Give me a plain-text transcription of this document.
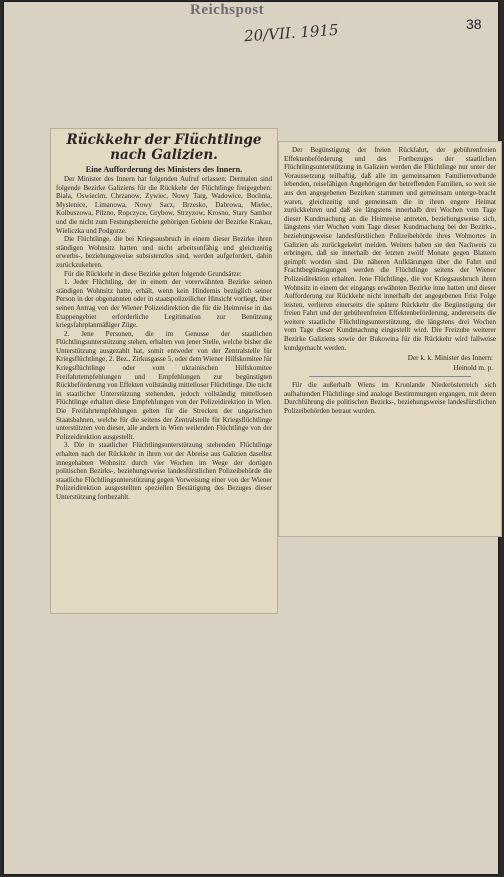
Reichspost
20/VII. 1915	38
Rückkehr der Flüchtlinge nach Galizien.
Eine Aufforderung des Ministers des Innern.

Der Minister des Innern hat folgenden Aufruf erlassen: Dermalen sind folgende Bezirke Galiziens für die Rückkehr der Flüchtlinge freigegeben: Biala, Oswiecim, Chrzanow, Zywiec, Nowy Targ, Wadowice, Bochnia, Myslenice, Limanowa, Nowy Sacz, Brzesko, Dabrowa, Mielec, Kolbuszowa, Pilzno, Ropczyce, Grybow, Strzyzow, Krosno, Stary Sambor und die nicht zum Festungsbereiche gehörigen Gebiete der Bezirke Krakau, Wieliczka und Podgorze.

Die Flüchtlinge, die bei Kriegsausbruch in einem dieser Bezirke ihren ständigen Wohnsitz hatten und nicht arbeitsunfähig und gleichzeitig erwerbs-, beziehungsweise subsistenzlos sind, werden aufgefordert, dahin zurückzukehren.

Für die Rückkehr in diese Bezirke gelten folgende Grundsätze:

1. Jeder Flüchtling, der in einem der vorerwähnten Bezirke seinen ständigen Wohnsitz hatte, erhält, wenn kein Hindernis bezüglich seiner Person in der obgenannten oder in staatspolizeilicher Hinsicht vorliegt, über seinen Antrag von der Wiener Polizeidirektion die für die Heimreise in das Etappengebiet erforderliche Legitimation zur Benützung kriegsfahrplanmäßiger Züge.

2. Jene Personen, die im Genusse der staatlichen Flüchtlingsunterstützung stehen, erhalten von jener Stelle, welche bisher die Unterstützung ausgezahlt hat, somit entweder von der Zentralstelle für Kriegsflüchtlinge, 2. Bez., Zirkusgasse 5, oder dem Wiener Hilfskomitee für Kriegsflüchtlinge oder vom ukrainischen Hilfskomitee Freifahrtempfehlungen und Empfehlungen zur begünstigten Rückbeförderung von Effekten vollständig mittelloser Flüchtlinge. Die nicht in staatlicher Unterstützung stehenden, jedoch vollständig mittellosen Flüchtlinge erhalten diese Empfehlungen von der Polizeidirektion in Wien. Die Freifahrtempfehlungen gelten für die Strecken der ungarischen Staatsbahnen, welche für die seitens der Zentralstelle für Kriegsflüchtlinge unterstützten von dieser, alle andern in Wien weilenden Flüchtlinge von der Polizeidirektion ausgestellt.

3. Die in staatlicher Flüchtlingsunterstützung stehenden Flüchtlinge erhalten nach der Rückkehr in ihren vor der Abreise aus Galizien daselbst innegehabten Wohnsitz durch vier Wochen im Wege der dortigen politischen Bezirks-, beziehungsweise landesfürstlichen Polizeibehörde die staatliche Flüchtlingsunterstützung gegen Vorweisung einer von der Wiener Polizeidirektion ausgestellten speziellen Bestätigung des Bezuges dieser Unterstützung fortbezahlt.

Der Begünstigung der freien Rückfahrt, der gebührenfreien Effektenbeförderung und des Fortbezuges der staatlichen Flüchtlingsunterstützung in Galizien werden die Flüchtlinge nur unter der Voraussetzung teilhaftig, daß alle im gemeinsamen Familienverbande lebenden, reisefähigen Angehörigen der betreffenden Familien, so weit sie aus den angegebenen Bezirken stammen und gemeinsam unterge-bracht waren, gleichzeitig und gemeinsam die in ihren engere Heimat zurückkehren und daß sie längstens innerhalb drei Wochen vom Tage dieser Kundmachung an die Heimreise antreten, beziehungsweise sich, längstens vier Wochen vom Tage dieser Kundmachung bei der Bezirks-, beziehungsweise landesfürstlichen Polizeibehörde ihres Wohnortes in Galizien als zurückgekehrt melden. Weiters haben sie den Nachweis zu erbringen, daß sie innerhalb der letzten zwölf Monate gegen Blattern geimpft worden sind. Die näheren Aufklärungen über die Fahrt und Frachtbegünstigungen werden die Flüchtlinge seitens der Wiener Polizeidirektion erhalten. Jene Flüchtlinge, die vor Kriegsausbruch ihren Wohnsitz in einem der eingangs erwähnten Bezirke inne hatten und dieser Aufforderung zur Rückkehr nicht innerhalb der angegebenen Frist Folge leisten, verlieren einerseits die spätere Rückkehr die Begünstigung der freien Fahrt und der gebührenfreien Effektenbeförderung, andererseits die weitere staatliche Flüchtlingsunterstützung, die längstens drei Wochen vom Tage dieser Kundmachung eingestellt wird. Die Freizube weiterer Bezirke Galiziens sowie der Bukowina für die Rückkehr wird fallweise kundgemacht werden.

Der k. k. Minister des Innern:
Heinold m. p.

Für die außerhalb Wiens im Kronlande Niederösterreich sich aufhaltenden Flüchtlinge sind analoge Bestimmungen ergangen, mit deren Durchführung die politischen Bezirks-, beziehungsweise landesfürstlichen Polizeibehörden betraut wurden.
